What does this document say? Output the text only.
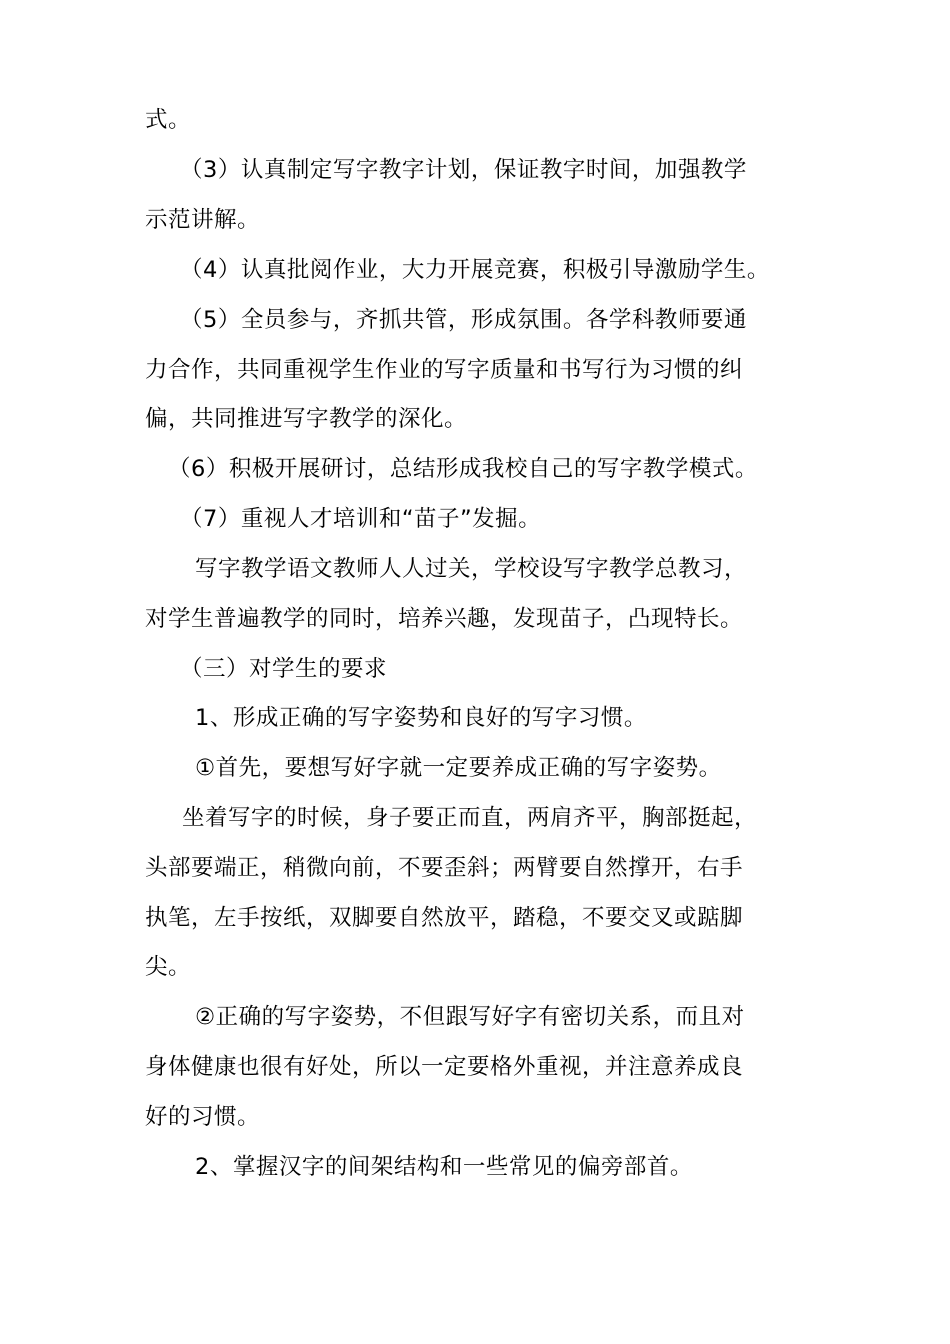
式。
（3）认真制定写字教字计划，保证教字时间，加强教学
示范讲解。
（4）认真批阅作业，大力开展竞赛，积极引导激励学生。
（5）全员参与，齐抓共管，形成氛围。各学科教师要通
力合作，共同重视学生作业的写字质量和书写行为习惯的纠
偏，共同推进写字教学的深化。
（6）积极开展研讨，总结形成我校自己的写字教学模式。
（7）重视人才培训和“苗子”发掘。
写字教学语文教师人人过关，学校设写字教学总教习，
对学生普遍教学的同时，培养兴趣，发现苗子，凸现特长。
（三）对学生的要求
1、形成正确的写字姿势和良好的写字习惯。
①首先，要想写好字就一定要养成正确的写字姿势。
坐着写字的时候，身子要正而直，两肩齐平，胸部挺起，
头部要端正，稍微向前，不要歪斜；两臂要自然撑开，右手
执笔，左手按纸，双脚要自然放平，踏稳，不要交叉或踮脚
尖。
②正确的写字姿势，不但跟写好字有密切关系，而且对
身体健康也很有好处，所以一定要格外重视，并注意养成良
好的习惯。
2、掌握汉字的间架结构和一些常见的偏旁部首。
